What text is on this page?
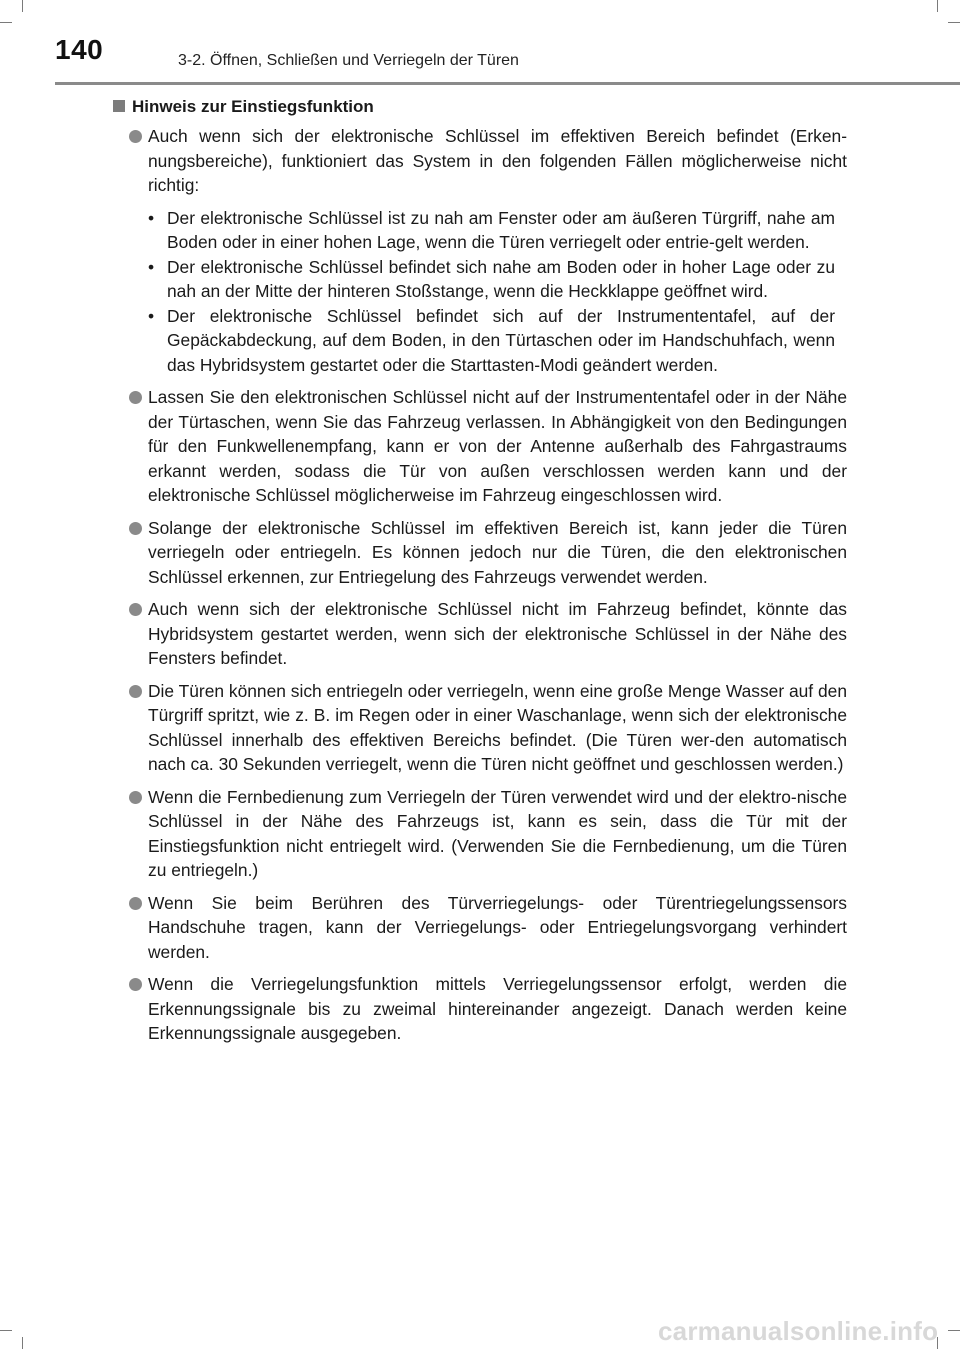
140	3-2. Öffnen, Schließen und Verriegeln der Türen
Hinweis zur Einstiegsfunktion
Auch wenn sich der elektronische Schlüssel im effektiven Bereich befindet (Erken-nungsbereiche), funktioniert das System in den folgenden Fällen möglicherweise nicht richtig:
• Der elektronische Schlüssel ist zu nah am Fenster oder am äußeren Türgriff, nahe am Boden oder in einer hohen Lage, wenn die Türen verriegelt oder entrie-gelt werden.
• Der elektronische Schlüssel befindet sich nahe am Boden oder in hoher Lage oder zu nah an der Mitte der hinteren Stoßstange, wenn die Heckklappe geöffnet wird.
• Der elektronische Schlüssel befindet sich auf der Instrumententafel, auf der Gepäckabdeckung, auf dem Boden, in den Türtaschen oder im Handschuhfach, wenn das Hybridsystem gestartet oder die Starttasten-Modi geändert werden.
Lassen Sie den elektronischen Schlüssel nicht auf der Instrumententafel oder in der Nähe der Türtaschen, wenn Sie das Fahrzeug verlassen. In Abhängigkeit von den Bedingungen für den Funkwellenempfang, kann er von der Antenne außerhalb des Fahrgastraums erkannt werden, sodass die Tür von außen verschlossen werden kann und der elektronische Schlüssel möglicherweise im Fahrzeug eingeschlossen wird.
Solange der elektronische Schlüssel im effektiven Bereich ist, kann jeder die Türen verriegeln oder entriegeln. Es können jedoch nur die Türen, die den elektronischen Schlüssel erkennen, zur Entriegelung des Fahrzeugs verwendet werden.
Auch wenn sich der elektronische Schlüssel nicht im Fahrzeug befindet, könnte das Hybridsystem gestartet werden, wenn sich der elektronische Schlüssel in der Nähe des Fensters befindet.
Die Türen können sich entriegeln oder verriegeln, wenn eine große Menge Wasser auf den Türgriff spritzt, wie z. B. im Regen oder in einer Waschanlage, wenn sich der elektronische Schlüssel innerhalb des effektiven Bereichs befindet. (Die Türen wer-den automatisch nach ca. 30 Sekunden verriegelt, wenn die Türen nicht geöffnet und geschlossen werden.)
Wenn die Fernbedienung zum Verriegeln der Türen verwendet wird und der elektro-nische Schlüssel in der Nähe des Fahrzeugs ist, kann es sein, dass die Tür mit der Einstiegsfunktion nicht entriegelt wird. (Verwenden Sie die Fernbedienung, um die Türen zu entriegeln.)
Wenn Sie beim Berühren des Türverriegelungs- oder Türentriegelungssensors Handschuhe tragen, kann der Verriegelungs- oder Entriegelungsvorgang verhindert werden.
Wenn die Verriegelungsfunktion mittels Verriegelungssensor erfolgt, werden die Erkennungssignale bis zu zweimal hintereinander angezeigt. Danach werden keine Erkennungssignale ausgegeben.
carmanualsonline.info
